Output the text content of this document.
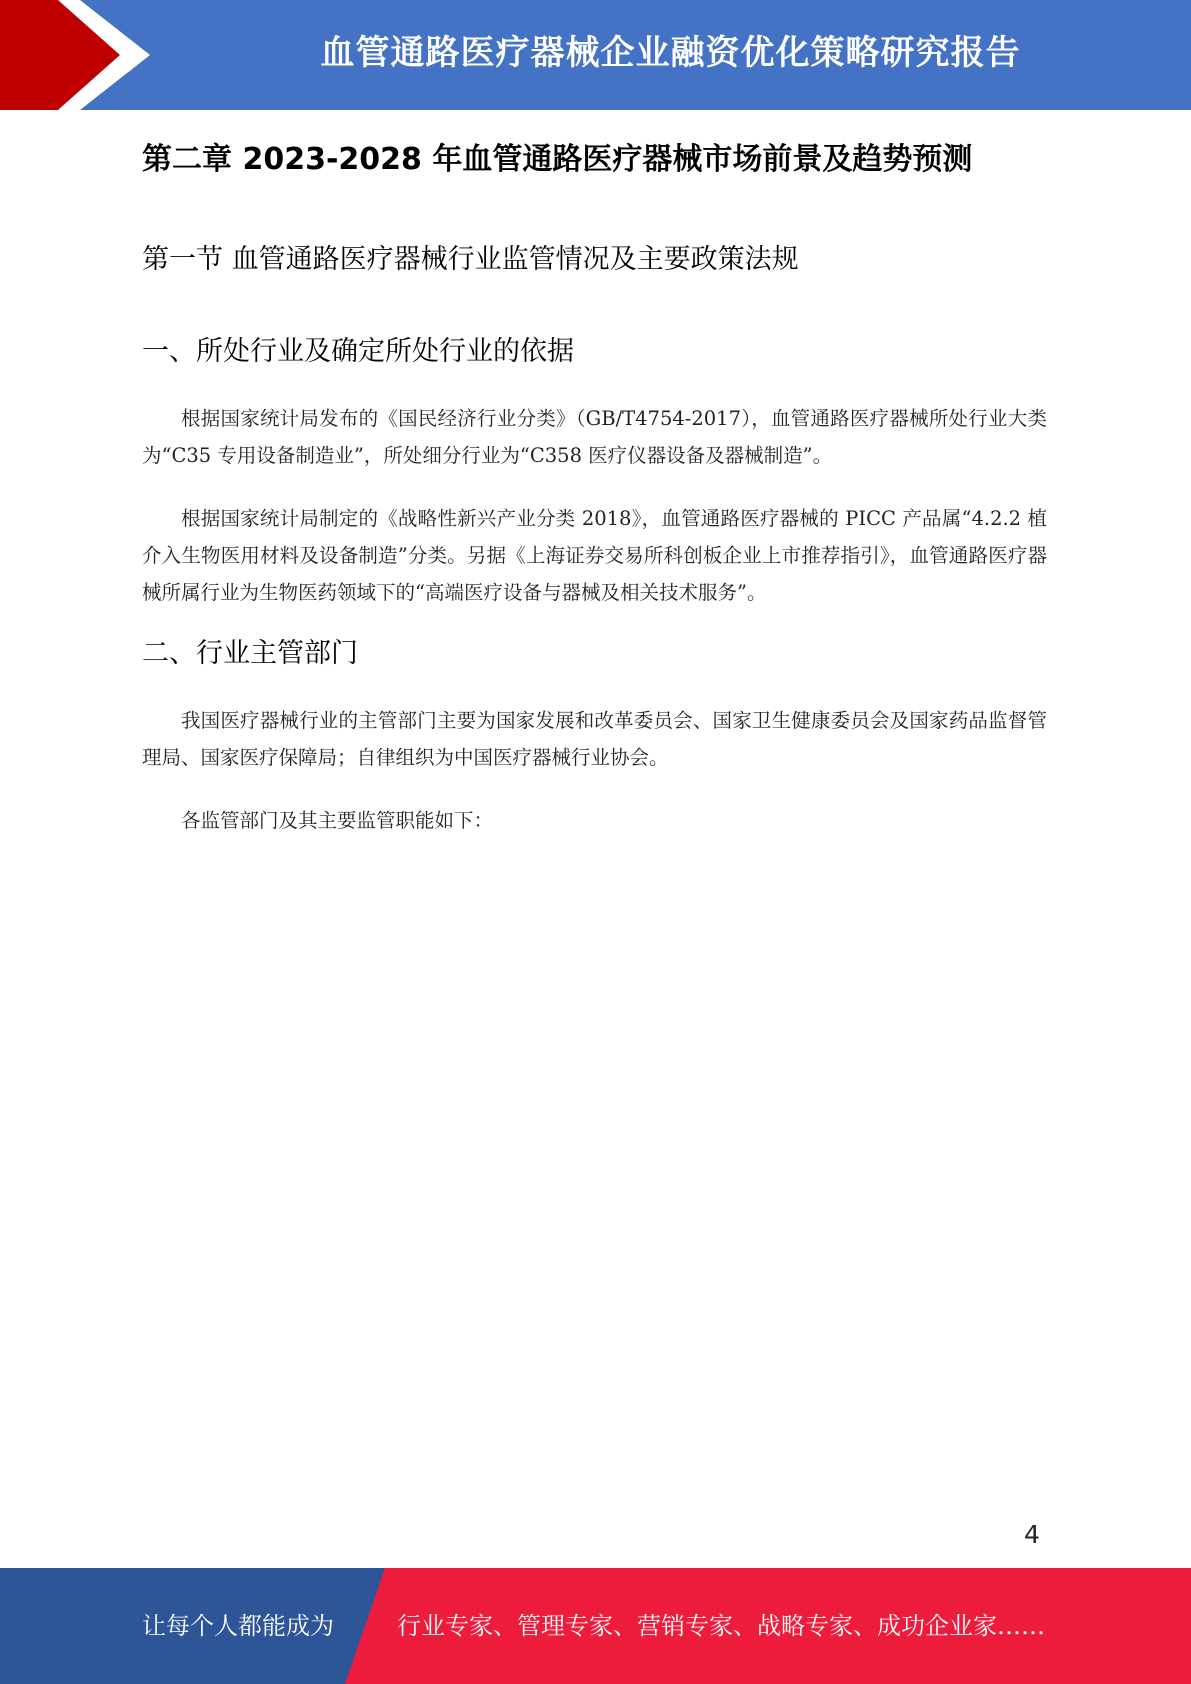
血管通路医疗器械企业融资优化策略研究报告
第二章 2023-2028 年血管通路医疗器械市场前景及趋势预测
第一节 血管通路医疗器械行业监管情况及主要政策法规
一、所处行业及确定所处行业的依据

根据国家统计局发布的《国民经济行业分类》（GB/T4754-2017），血管通路医疗器械所处行业大类为“C35 专用设备制造业”，所处细分行业为“C358 医疗仪器设备及器械制造”。

根据国家统计局制定的《战略性新兴产业分类 2018》，血管通路医疗器械的 PICC 产品属“4.2.2 植介入生物医用材料及设备制造”分类。另据《上海证券交易所科创板企业上市推荐指引》，血管通路医疗器械所属行业为生物医药领域下的“高端医疗设备与器械及相关技术服务”。

二、行业主管部门

我国医疗器械行业的主管部门主要为国家发展和改革委员会、国家卫生健康委员会及国家药品监督管理局、国家医疗保障局；自律组织为中国医疗器械行业协会。

各监管部门及其主要监管职能如下：

4
让每个人都能成为	行业专家、管理专家、营销专家、战略专家、成功企业家……
